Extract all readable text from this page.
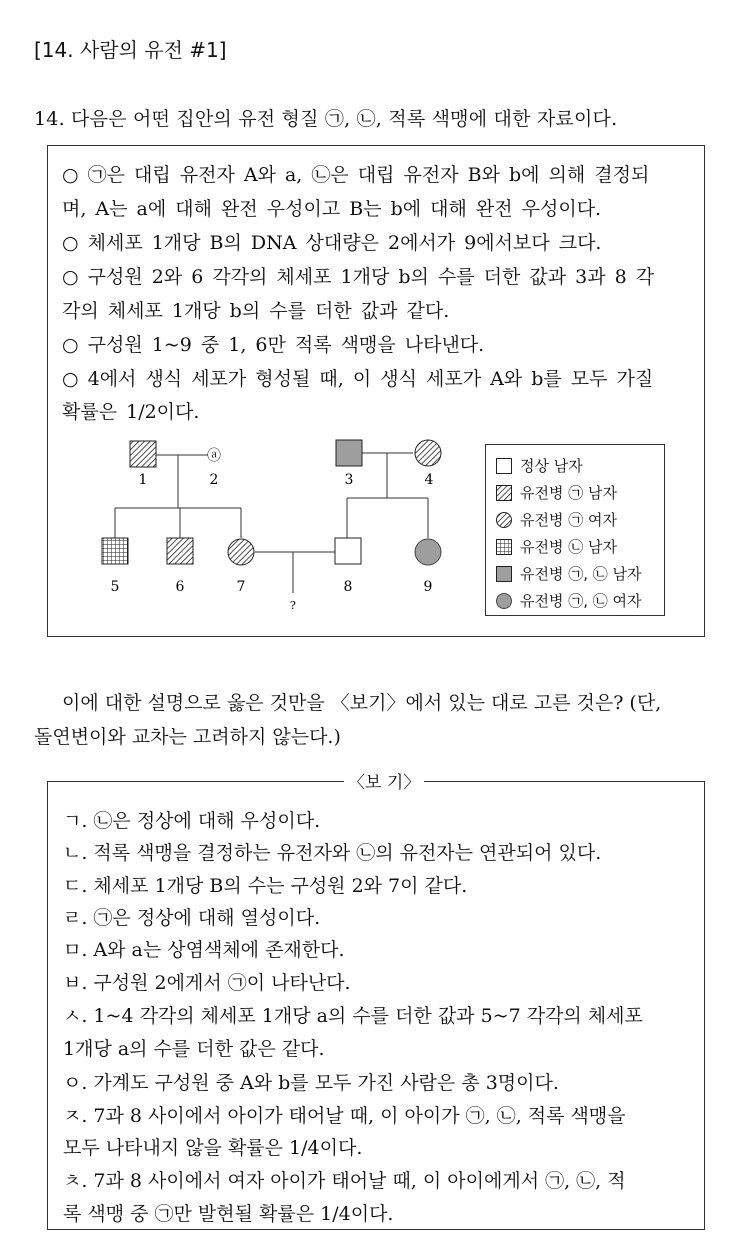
[14. 사람의 유전 #1]
14. 다음은 어떤 집안의 유전 형질 ㉠, ㉡, 적록 색맹에 대한 자료이다.
○ ㉠은 대립 유전자 A와 a, ㉡은 대립 유전자 B와 b에 의해 결정되
며, A는 a에 대해 완전 우성이고 B는 b에 대해 완전 우성이다.
○ 체세포 1개당 B의 DNA 상대량은 2에서가 9에서보다 크다.
○ 구성원 2와 6 각각의 체세포 1개당 b의 수를 더한 값과 3과 8 각
각의 체세포 1개당 b의 수를 더한 값과 같다.
○ 구성원 1~9 중 1, 6만 적록 색맹을 나타낸다.
○ 4에서 생식 세포가 형성될 때, 이 생식 세포가 A와 b를 모두 가질
확률은 1/2이다.
1
ⓐ
2	3	4
5	6	7	8	9
?
정상 남자
유전병 ㉠ 남자
유전병 ㉠ 여자
유전병 ㉡ 남자
유전병 ㉠, ㉡ 남자
유전병 ㉠, ㉡ 여자
이에 대한 설명으로 옳은 것만을 〈보기〉에서 있는 대로 고른 것은? (단,
돌연변이와 교차는 고려하지 않는다.)
〈보 기〉
ㄱ. ㉡은 정상에 대해 우성이다.
ㄴ. 적록 색맹을 결정하는 유전자와 ㉡의 유전자는 연관되어 있다.
ㄷ. 체세포 1개당 B의 수는 구성원 2와 7이 같다.
ㄹ. ㉠은 정상에 대해 열성이다.
ㅁ. A와 a는 상염색체에 존재한다.
ㅂ. 구성원 2에게서 ㉠이 나타난다.
ㅅ. 1~4 각각의 체세포 1개당 a의 수를 더한 값과 5~7 각각의 체세포
1개당 a의 수를 더한 값은 같다.
ㅇ. 가계도 구성원 중 A와 b를 모두 가진 사람은 총 3명이다.
ㅈ. 7과 8 사이에서 아이가 태어날 때, 이 아이가 ㉠, ㉡, 적록 색맹을
모두 나타내지 않을 확률은 1/4이다.
ㅊ. 7과 8 사이에서 여자 아이가 태어날 때, 이 아이에게서 ㉠, ㉡, 적
록 색맹 중 ㉠만 발현될 확률은 1/4이다.
